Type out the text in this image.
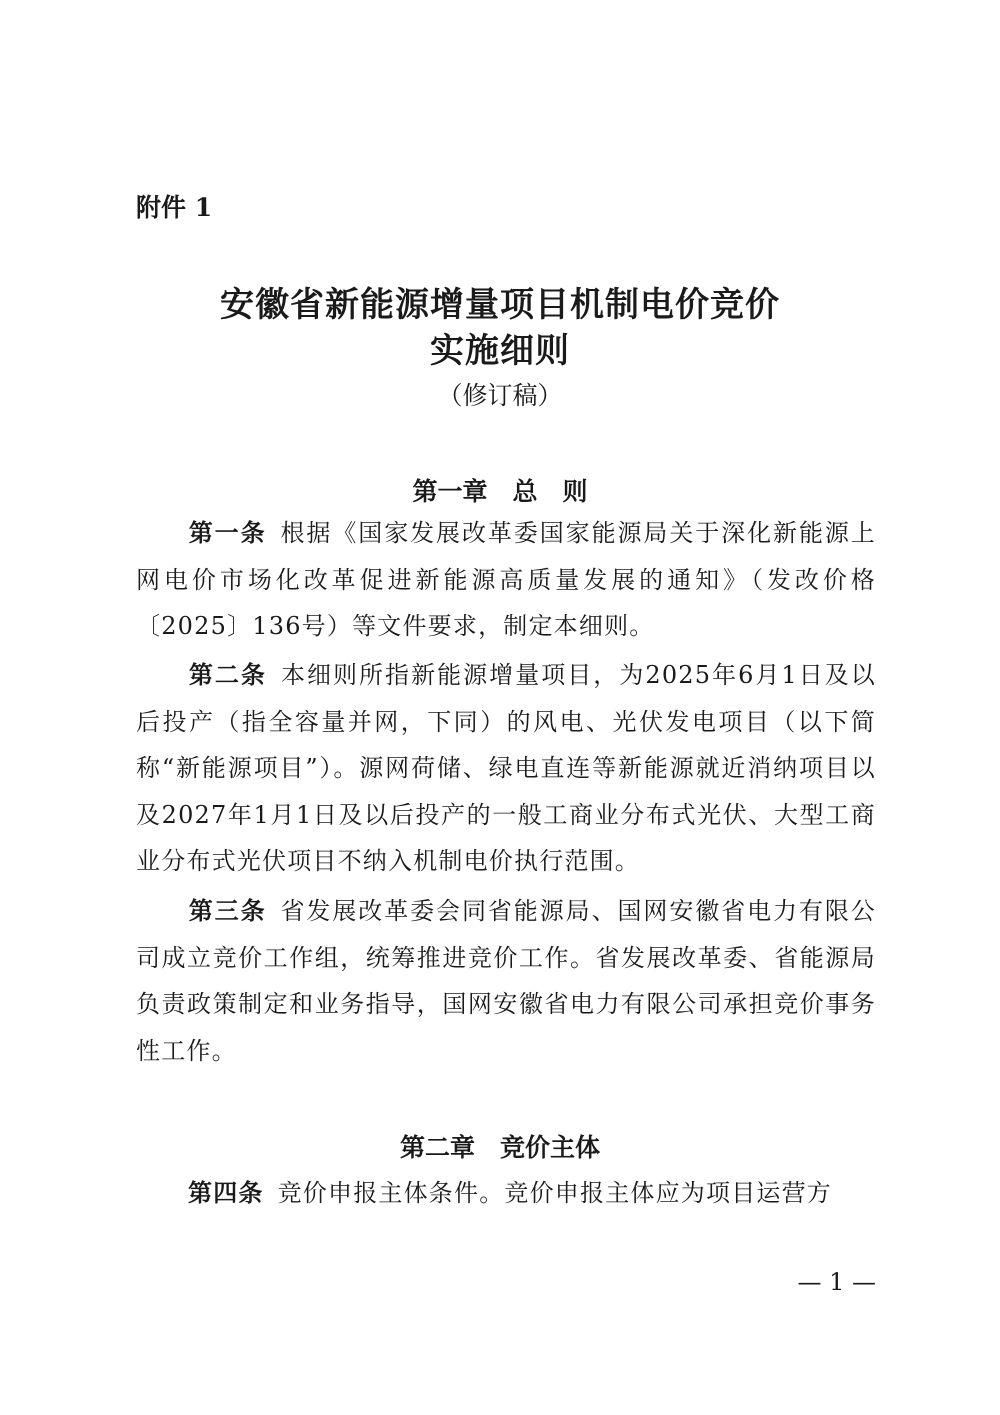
附件 1
安徽省新能源增量项目机制电价竞价
实施细则
（修订稿）
第一章　总　则

第一条 根据《国家发展改革委国家能源局关于深化新能源上网电价市场化改革促进新能源高质量发展的通知》（发改价格〔2025〕136号）等文件要求，制定本细则。

第二条 本细则所指新能源增量项目，为2025年6月1日及以后投产（指全容量并网，下同）的风电、光伏发电项目（以下简称“新能源项目”）。源网荷储、绿电直连等新能源就近消纳项目以及2027年1月1日及以后投产的一般工商业分布式光伏、大型工商业分布式光伏项目不纳入机制电价执行范围。

第三条 省发展改革委会同省能源局、国网安徽省电力有限公司成立竞价工作组，统筹推进竞价工作。省发展改革委、省能源局负责政策制定和业务指导，国网安徽省电力有限公司承担竞价事务性工作。

第二章　竞价主体

第四条 竞价申报主体条件。竞价申报主体应为项目运营方

— 1 —
